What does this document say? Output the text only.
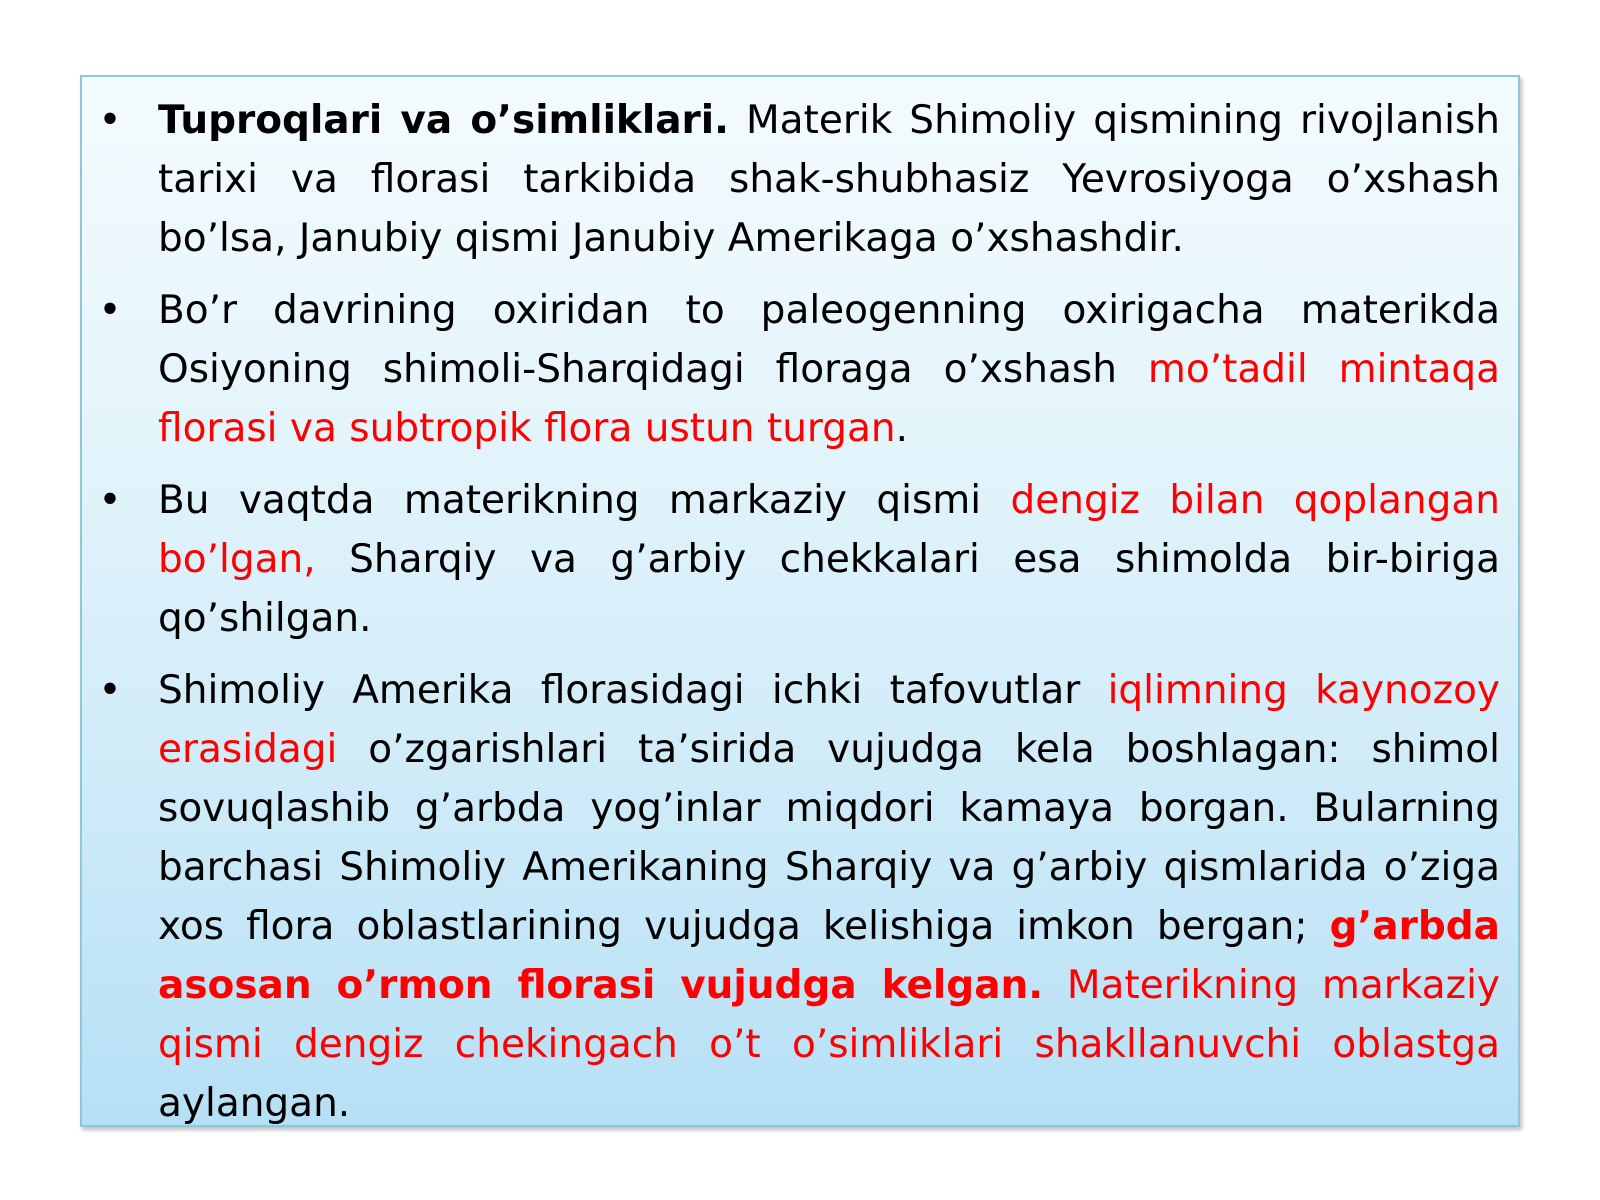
• Tuproqlari va o’simliklari. Materik Shimoliy qismining rivojlanish tarixi va florasi tarkibida shak-shubhasiz Yevrosiyoga o’xshash bo’lsa, Janubiy qismi Janubiy Amerikaga o’xshashdir.
• Bo’r davrining oxiridan to paleogenning oxirigacha materikda Osiyoning shimoli-Sharqidagi floraga o’xshash mo’tadil mintaqa florasi va subtropik flora ustun turgan.
• Bu vaqtda materikning markaziy qismi dengiz bilan qoplangan bo’lgan, Sharqiy va g’arbiy chekkalari esa shimolda bir-biriga qo’shilgan.
• Shimoliy Amerika florasidagi ichki tafovutlar iqlimning kaynozoy erasidagi o’zgarishlari ta’sirida vujudga kela boshlagan: shimol sovuqlashib g’arbda yog’inlar miqdori kamaya borgan. Bularning barchasi Shimoliy Amerikaning Sharqiy va g’arbiy qismlarida o’ziga xos flora oblastlarining vujudga kelishiga imkon bergan; g’arbda asosan o’rmon florasi vujudga kelgan. Materikning markaziy qismi dengiz chekingach o’t o’simliklari shakllanuvchi oblastga aylangan.
